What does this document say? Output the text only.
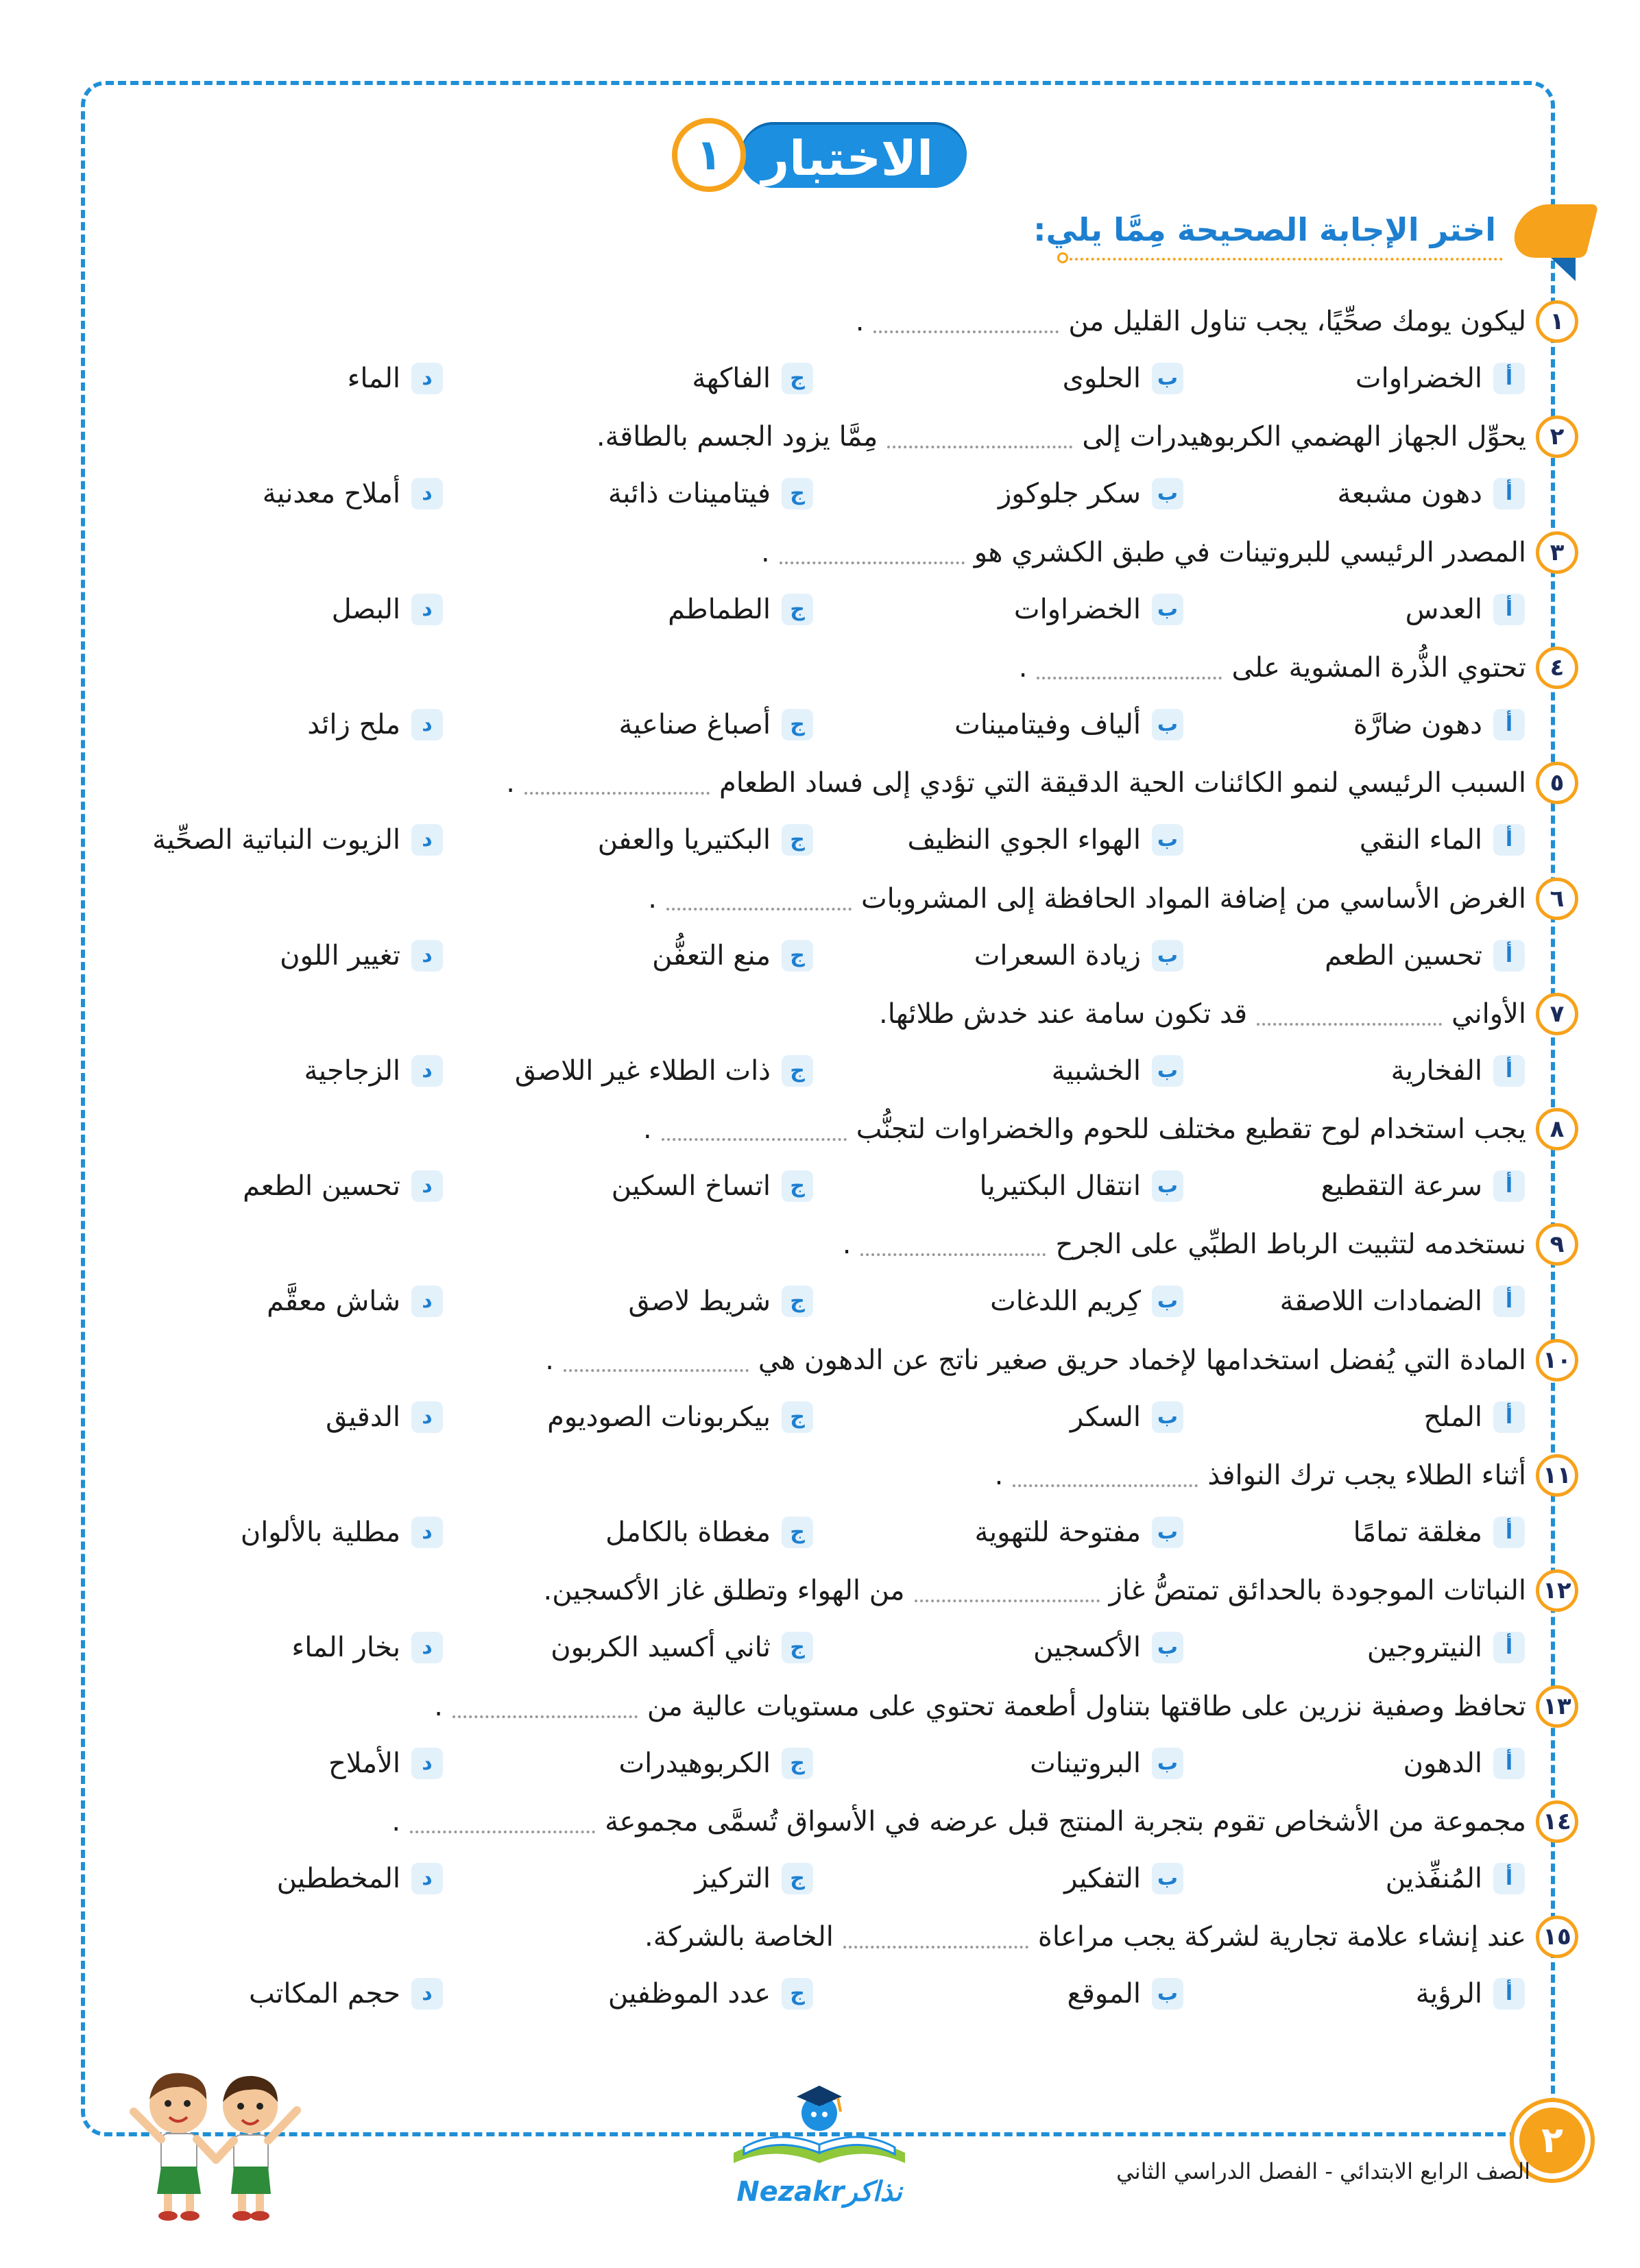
الاختبار
١
اختر الإجابة الصحيحة مِمَّا يلي:
١
ليكون يومك صحِّيًا، يجب تناول القليل من
.
أ
الخضراوات
ب
الحلوى
ج
الفاكهة
د
الماء
٢
يحوِّل الجهاز الهضمي الكربوهيدرات إلى
مِمَّا يزود الجسم بالطاقة.
أ
دهون مشبعة
ب
سكر جلوكوز
ج
فيتامينات ذائبة
د
أملاح معدنية
٣
المصدر الرئيسي للبروتينات في طبق الكشري هو
.
أ
العدس
ب
الخضراوات
ج
الطماطم
د
البصل
٤
تحتوي الذُّرة المشوية على
.
أ
دهون ضارَّة
ب
ألياف وفيتامينات
ج
أصباغ صناعية
د
ملح زائد
٥
السبب الرئيسي لنمو الكائنات الحية الدقيقة التي تؤدي إلى فساد الطعام
.
أ
الماء النقي
ب
الهواء الجوي النظيف
ج
البكتيريا والعفن
د
الزيوت النباتية الصحِّية
٦
الغرض الأساسي من إضافة المواد الحافظة إلى المشروبات
.
أ
تحسين الطعم
ب
زيادة السعرات
ج
منع التعفُّن
د
تغيير اللون
٧
الأواني
قد تكون سامة عند خدش طلائها.
أ
الفخارية
ب
الخشبية
ج
ذات الطلاء غير اللاصق
د
الزجاجية
٨
يجب استخدام لوح تقطيع مختلف للحوم والخضراوات لتجنُّب
.
أ
سرعة التقطيع
ب
انتقال البكتيريا
ج
اتساخ السكين
د
تحسين الطعم
٩
نستخدمه لتثبيت الرباط الطبِّي على الجرح
.
أ
الضمادات اللاصقة
ب
كِريم اللدغات
ج
شريط لاصق
د
شاش معقَّم
١٠
المادة التي يُفضل استخدامها لإخماد حريق صغير ناتج عن الدهون هي
.
أ
الملح
ب
السكر
ج
بيكربونات الصوديوم
د
الدقيق
١١
أثناء الطلاء يجب ترك النوافذ
.
أ
مغلقة تمامًا
ب
مفتوحة للتهوية
ج
مغطاة بالكامل
د
مطلية بالألوان
١٢
النباتات الموجودة بالحدائق تمتصُّ غاز
من الهواء وتطلق غاز الأكسجين.
أ
النيتروجين
ب
الأكسجين
ج
ثاني أكسيد الكربون
د
بخار الماء
١٣
تحافظ وصفية نزرين على طاقتها بتناول أطعمة تحتوي على مستويات عالية من
.
أ
الدهون
ب
البروتينات
ج
الكربوهيدرات
د
الأملاح
١٤
مجموعة من الأشخاص تقوم بتجربة المنتج قبل عرضه في الأسواق تُسمَّى مجموعة
.
أ
المُنفِّذين
ب
التفكير
ج
التركيز
د
المخططين
١٥
عند إنشاء علامة تجارية لشركة يجب مراعاة
الخاصة بالشركة.
أ
الرؤية
ب
الموقع
ج
عدد الموظفين
د
حجم المكاتب
٢
الصف الرابع الابتدائي - الفصل الدراسي الثاني
Nezakrنذاكر
